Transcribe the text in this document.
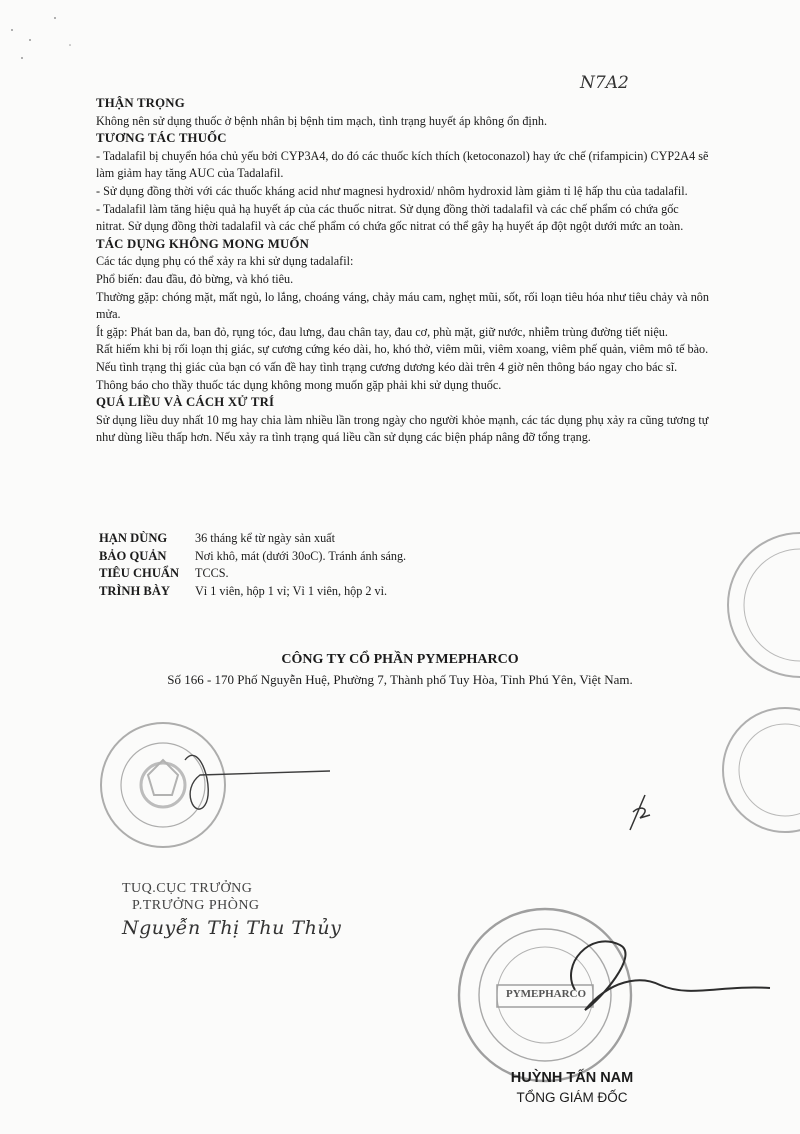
N7A2
THẬN TRỌNG

Không nên sử dụng thuốc ở bệnh nhân bị bệnh tim mạch, tình trạng huyết áp không ổn định.

TƯƠNG TÁC THUỐC

- Tadalafil bị chuyển hóa chủ yếu bởi CYP3A4, do đó các thuốc kích thích (ketoconazol) hay ức chế (rifampicin) CYP2A4 sẽ làm giảm hay tăng AUC của Tadalafil.

- Sử dụng đồng thời với các thuốc kháng acid như magnesi hydroxid/ nhôm hydroxid làm giảm tỉ lệ hấp thu của tadalafil.

- Tadalafil làm tăng hiệu quả hạ huyết áp của các thuốc nitrat. Sử dụng đồng thời tadalafil và các chế phẩm có chứa gốc nitrat. Sử dụng đồng thời tadalafil và các chế phẩm có chứa gốc nitrat có thể gây hạ huyết áp đột ngột dưới mức an toàn.

TÁC DỤNG KHÔNG MONG MUỐN

Các tác dụng phụ có thể xảy ra khi sử dụng tadalafil:

Phổ biến: đau đầu, đỏ bừng, và khó tiêu.

Thường gặp: chóng mặt, mất ngủ, lo lắng, choáng váng, chảy máu cam, nghẹt mũi, sốt, rối loạn tiêu hóa như tiêu chảy và nôn mửa.

Ít gặp: Phát ban da, ban đỏ, rụng tóc, đau lưng, đau chân tay, đau cơ, phù mặt, giữ nước, nhiễm trùng đường tiết niệu.

Rất hiếm khi bị rối loạn thị giác, sự cương cứng kéo dài, ho, khó thở, viêm mũi, viêm xoang, viêm phế quản, viêm mô tế bào.

Nếu tình trạng thị giác của bạn có vấn đề hay tình trạng cương dương kéo dài trên 4 giờ nên thông báo ngay cho bác sĩ.

Thông báo cho thầy thuốc tác dụng không mong muốn gặp phải khi sử dụng thuốc.

QUÁ LIỀU VÀ CÁCH XỬ TRÍ

Sử dụng liều duy nhất 10 mg hay chia làm nhiều lần trong ngày cho người khỏe mạnh, các tác dụng phụ xảy ra cũng tương tự như dùng liều thấp hơn. Nếu xảy ra tình trạng quá liều cần sử dụng các biện pháp nâng đỡ tổng trạng.

HẠN DÙNG	36 tháng kể từ ngày sản xuất
BẢO QUẢN	Nơi khô, mát (dưới 30oC). Tránh ánh sáng.
TIÊU CHUẨN	TCCS.
TRÌNH BÀY	Vỉ 1 viên, hộp 1 vỉ; Vỉ 1 viên, hộp 2 vỉ.
CÔNG TY CỔ PHẦN PYMEPHARCO
Số 166 - 170 Phố Nguyễn Huệ, Phường 7, Thành phố Tuy Hòa, Tỉnh Phú Yên, Việt Nam.
PYMEPHARCO
TUQ.CỤC TRƯỞNG
P.TRƯỞNG PHÒNG
Nguyễn Thị Thu Thủy
HUỲNH TẤN NAM
TỔNG GIÁM ĐỐC
